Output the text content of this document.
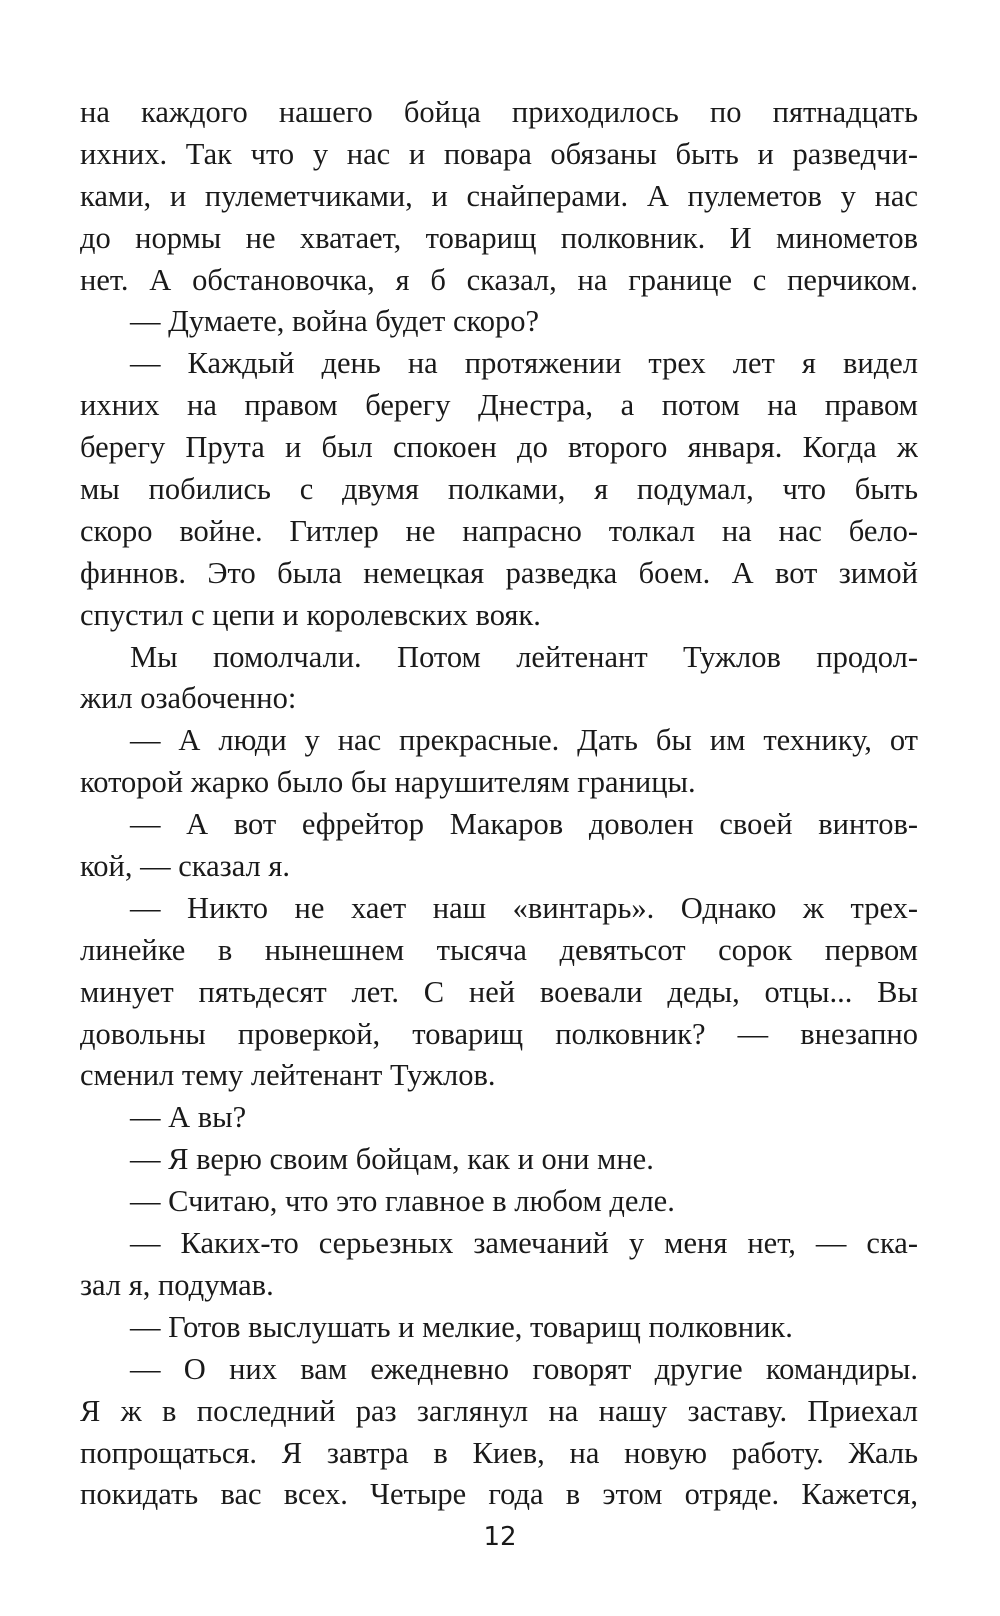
на каждого нашего бойца приходилось по пятнадцать
ихних. Так что у нас и повара обязаны быть и разведчи-
ками, и пулеметчиками, и снайперами. А пулеметов у нас
до нормы не хватает, товарищ полковник. И минометов
нет. А обстановочка, я б сказал, на границе с перчиком.
— Думаете, война будет скоро?
— Каждый день на протяжении трех лет я видел
ихних на правом берегу Днестра, а потом на правом
берегу Прута и был спокоен до второго января. Когда ж
мы побились с двумя полками, я подумал, что быть
скоро войне. Гитлер не напрасно толкал на нас бело-
финнов. Это была немецкая разведка боем. А вот зимой
спустил с цепи и королевских вояк.
Мы помолчали. Потом лейтенант Тужлов продол-
жил озабоченно:
— А люди у нас прекрасные. Дать бы им технику, от
которой жарко было бы нарушителям границы.
— А вот ефрейтор Макаров доволен своей винтов-
кой, — сказал я.
— Никто не хает наш «винтарь». Однако ж трех-
линейке в нынешнем тысяча девятьсот сорок первом
минует пятьдесят лет. С ней воевали деды, отцы... Вы
довольны проверкой, товарищ полковник? — внезапно
сменил тему лейтенант Тужлов.
— А вы?
— Я верю своим бойцам, как и они мне.
— Считаю, что это главное в любом деле.
— Каких-то серьезных замечаний у меня нет, — ска-
зал я, подумав.
— Готов выслушать и мелкие, товарищ полковник.
— О них вам ежедневно говорят другие командиры.
Я ж в последний раз заглянул на нашу заставу. Приехал
попрощаться. Я завтра в Киев, на новую работу. Жаль
покидать вас всех. Четыре года в этом отряде. Кажется,
12
